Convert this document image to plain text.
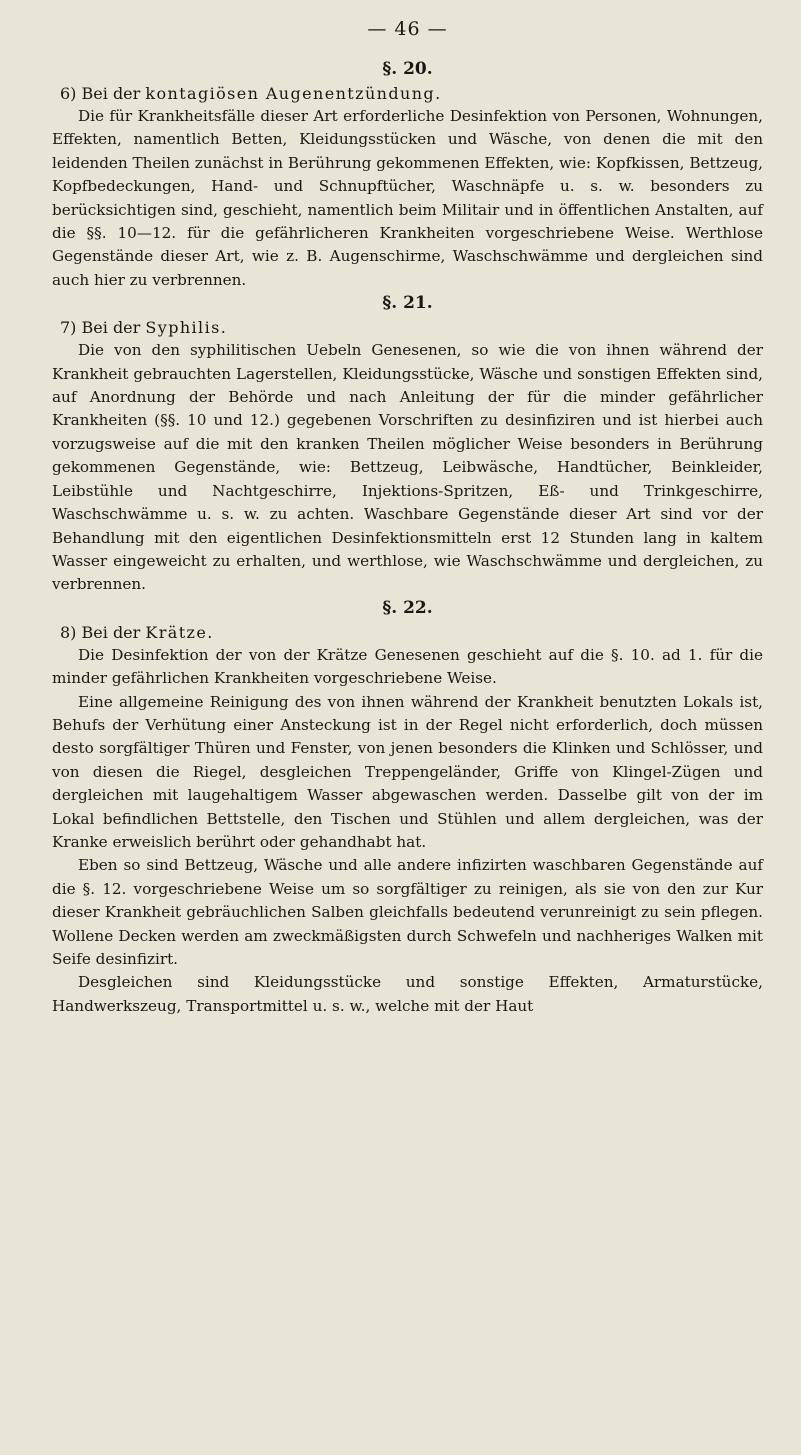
— 46 —
§. 20.
6) Bei der kontagiösen Augenentzündung.

Die für Krankheitsfälle dieser Art erforderliche Desinfektion von Personen, Wohnungen, Effekten, namentlich Betten, Kleidungsstücken und Wäsche, von denen die mit den leidenden Theilen zunächst in Berührung gekommenen Effekten, wie: Kopfkissen, Bettzeug, Kopfbedeckungen, Hand- und Schnupftücher, Waschnäpfe u. s. w. besonders zu berücksichtigen sind, geschieht, namentlich beim Militair und in öffentlichen Anstalten, auf die §§. 10—12. für die gefährlicheren Krankheiten vorgeschriebene Weise. Werthlose Gegenstände dieser Art, wie z. B. Augenschirme, Waschschwämme und dergleichen sind auch hier zu verbrennen.

§. 21.
7) Bei der Syphilis.

Die von den syphilitischen Uebeln Genesenen, so wie die von ihnen während der Krankheit gebrauchten Lagerstellen, Kleidungsstücke, Wäsche und sonstigen Effekten sind, auf Anordnung der Behörde und nach Anleitung der für die minder gefährlicher Krankheiten (§§. 10 und 12.) gegebenen Vorschriften zu desinfiziren und ist hierbei auch vorzugsweise auf die mit den kranken Theilen möglicher Weise besonders in Berührung gekommenen Gegenstände, wie: Bettzeug, Leibwäsche, Handtücher, Beinkleider, Leibstühle und Nachtgeschirre, Injektions-Spritzen, Eß- und Trinkgeschirre, Waschschwämme u. s. w. zu achten. Waschbare Gegenstände dieser Art sind vor der Behandlung mit den eigentlichen Desinfektionsmitteln erst 12 Stunden lang in kaltem Wasser eingeweicht zu erhalten, und werthlose, wie Waschschwämme und dergleichen, zu verbrennen.

§. 22.
8) Bei der Krätze.

Die Desinfektion der von der Krätze Genesenen geschieht auf die §. 10. ad 1. für die minder gefährlichen Krankheiten vorgeschriebene Weise.

Eine allgemeine Reinigung des von ihnen während der Krankheit benutzten Lokals ist, Behufs der Verhütung einer Ansteckung ist in der Regel nicht erforderlich, doch müssen desto sorgfältiger Thüren und Fenster, von jenen besonders die Klinken und Schlösser, und von diesen die Riegel, desgleichen Treppengeländer, Griffe von Klingel-Zügen und dergleichen mit laugehaltigem Wasser abgewaschen werden. Dasselbe gilt von der im Lokal befindlichen Bettstelle, den Tischen und Stühlen und allem dergleichen, was der Kranke erweislich berührt oder gehandhabt hat.

Eben so sind Bettzeug, Wäsche und alle andere infizirten waschbaren Gegenstände auf die §. 12. vorgeschriebene Weise um so sorgfältiger zu reinigen, als sie von den zur Kur dieser Krankheit gebräuchlichen Salben gleichfalls bedeutend verunreinigt zu sein pflegen. Wollene Decken werden am zweckmäßigsten durch Schwefeln und nachheriges Walken mit Seife desinfizirt.

Desgleichen sind Kleidungsstücke und sonstige Effekten, Armaturstücke, Handwerkszeug, Transportmittel u. s. w., welche mit der Haut
